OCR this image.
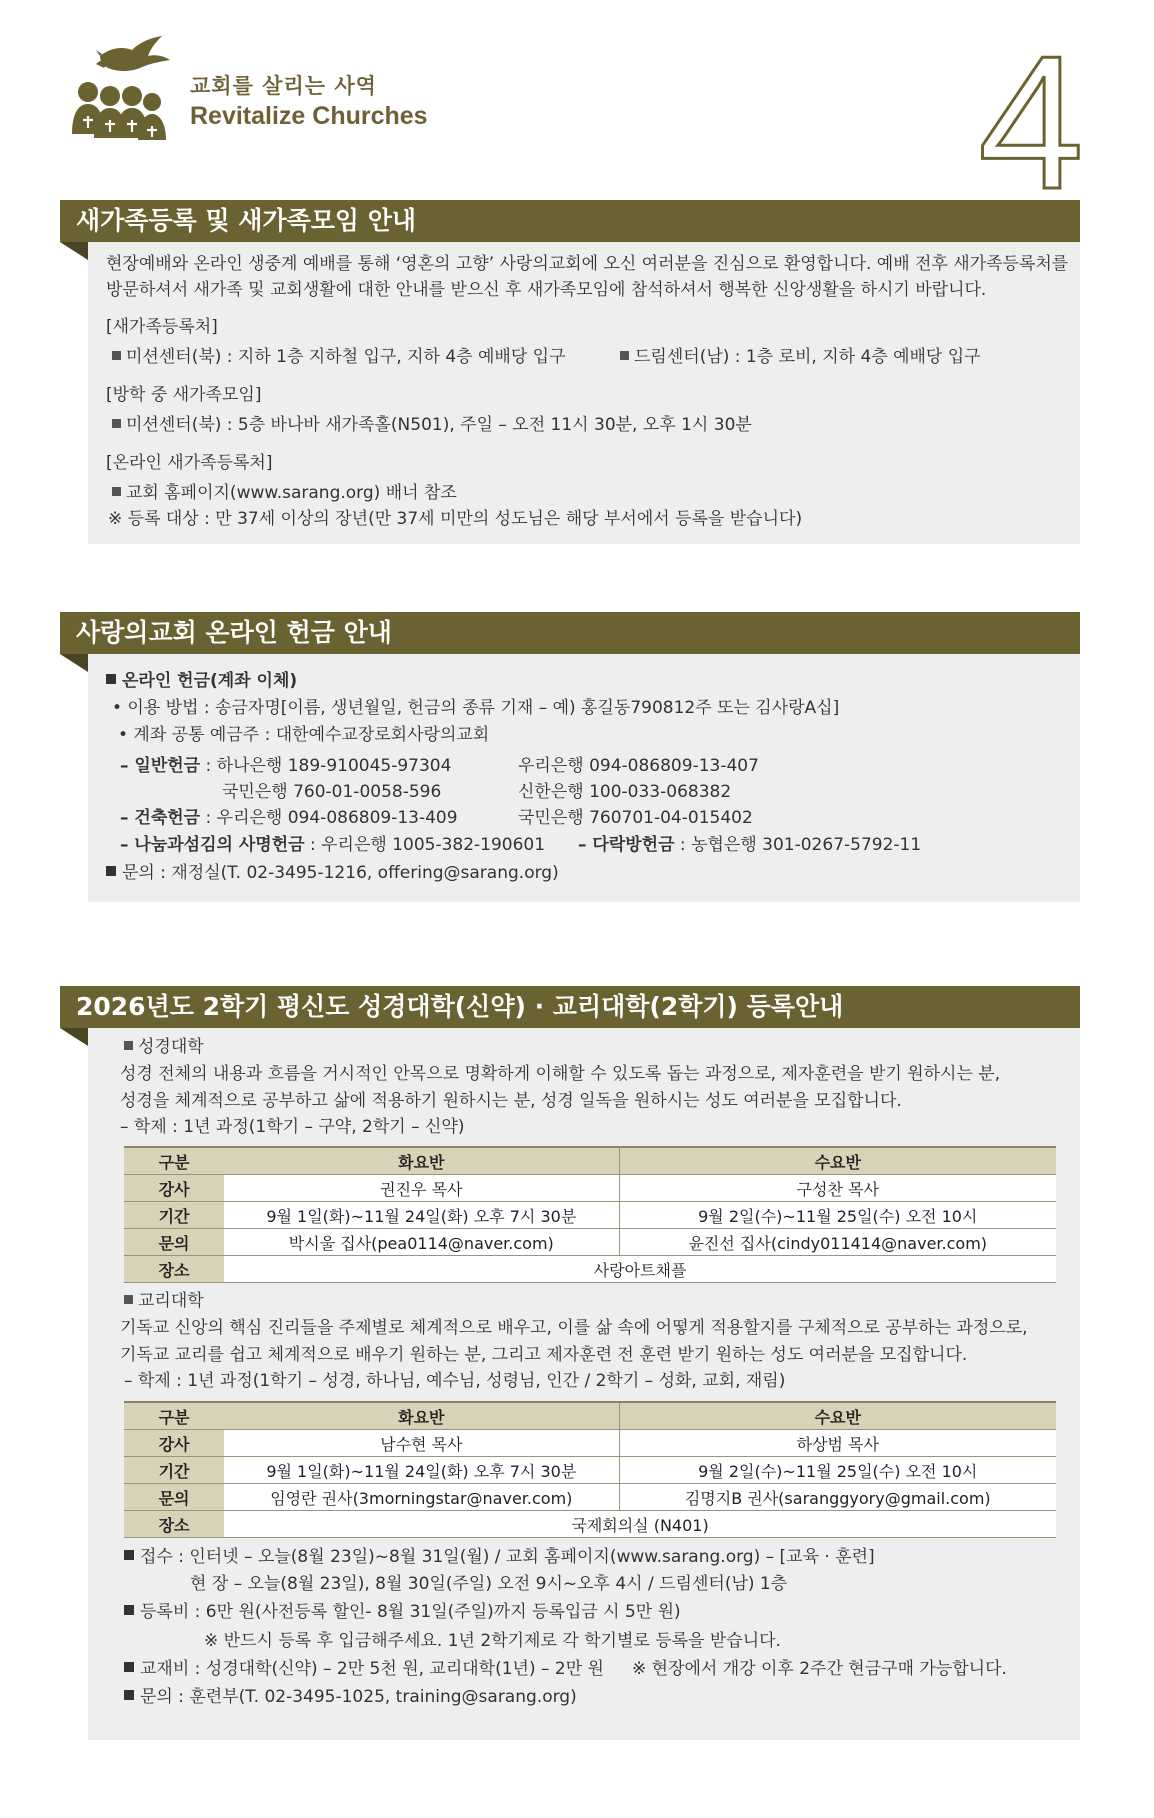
교회를 살리는 사역
Revitalize Churches	4
새가족등록 및 새가족모임 안내
현장예배와 온라인 생중계 예배를 통해 ‘영혼의 고향’ 사랑의교회에 오신 여러분을 진심으로 환영합니다. 예배 전후 새가족등록처를
방문하셔서 새가족 및 교회생활에 대한 안내를 받으신 후 새가족모임에 참석하셔서 행복한 신앙생활을 하시기 바랍니다.
[새가족등록처]
미션센터(북) : 지하 1층 지하철 입구, 지하 4층 예배당 입구	드림센터(남) : 1층 로비, 지하 4층 예배당 입구
[방학 중 새가족모임]
미션센터(북) : 5층 바나바 새가족홀(N501), 주일 – 오전 11시 30분, 오후 1시 30분
[온라인 새가족등록처]
교회 홈페이지(www.sarang.org) 배너 참조
※ 등록 대상 : 만 37세 이상의 장년(만 37세 미만의 성도님은 해당 부서에서 등록을 받습니다)
사랑의교회 온라인 헌금 안내
온라인 헌금(계좌 이체)
• 이용 방법 : 송금자명[이름, 생년월일, 헌금의 종류 기재 – 예) 홍길동790812주 또는 김사랑A십]
• 계좌 공통 예금주 : 대한예수교장로회사랑의교회
– 일반헌금 : 하나은행 189-910045-97304	우리은행 094-086809-13-407
국민은행 760-01-0058-596	신한은행 100-033-068382
– 건축헌금 : 우리은행 094-086809-13-409	국민은행 760701-04-015402
– 나눔과섬김의 사명헌금 : 우리은행 1005-382-190601 – 다락방헌금 : 농협은행 301-0267-5792-11
문의 : 재정실(T. 02-3495-1216, offering@sarang.org)
2026년도 2학기 평신도 성경대학(신약) · 교리대학(2학기) 등록안내
성경대학
성경 전체의 내용과 흐름을 거시적인 안목으로 명확하게 이해할 수 있도록 돕는 과정으로, 제자훈련을 받기 원하시는 분,
성경을 체계적으로 공부하고 삶에 적용하기 원하시는 분, 성경 일독을 원하시는 성도 여러분을 모집합니다.
– 학제 : 1년 과정(1학기 – 구약, 2학기 – 신약)
구분	화요반	수요반
강사	권진우 목사	구성찬 목사
기간	9월 1일(화)~11월 24일(화) 오후 7시 30분	9월 2일(수)~11월 25일(수) 오전 10시
문의	박시울 집사(pea0114@naver.com)	윤진선 집사(cindy011414@naver.com)
장소	사랑아트채플	
교리대학
기독교 신앙의 핵심 진리들을 주제별로 체계적으로 배우고, 이를 삶 속에 어떻게 적용할지를 구체적으로 공부하는 과정으로,
기독교 교리를 쉽고 체계적으로 배우기 원하는 분, 그리고 제자훈련 전 훈련 받기 원하는 성도 여러분을 모집합니다.
– 학제 : 1년 과정(1학기 – 성경, 하나님, 예수님, 성령님, 인간 / 2학기 – 성화, 교회, 재림)
구분	화요반	수요반
강사	남수현 목사	하상범 목사
기간	9월 1일(화)~11월 24일(화) 오후 7시 30분	9월 2일(수)~11월 25일(수) 오전 10시
문의	임영란 권사(3morningstar@naver.com)	김명지B 권사(saranggyory@gmail.com)
장소	국제회의실 (N401)	
접수 : 인터넷 – 오늘(8월 23일)~8월 31일(월) / 교회 홈페이지(www.sarang.org) – [교육 · 훈련]
현 장 – 오늘(8월 23일), 8월 30일(주일) 오전 9시~오후 4시 / 드림센터(남) 1층
등록비 : 6만 원(사전등록 할인- 8월 31일(주일)까지 등록입금 시 5만 원)
※ 반드시 등록 후 입금해주세요. 1년 2학기제로 각 학기별로 등록을 받습니다.
교재비 : 성경대학(신약) – 2만 5천 원, 교리대학(1년) – 2만 원 ※ 현장에서 개강 이후 2주간 현금구매 가능합니다.
문의 : 훈련부(T. 02-3495-1025, training@sarang.org)
